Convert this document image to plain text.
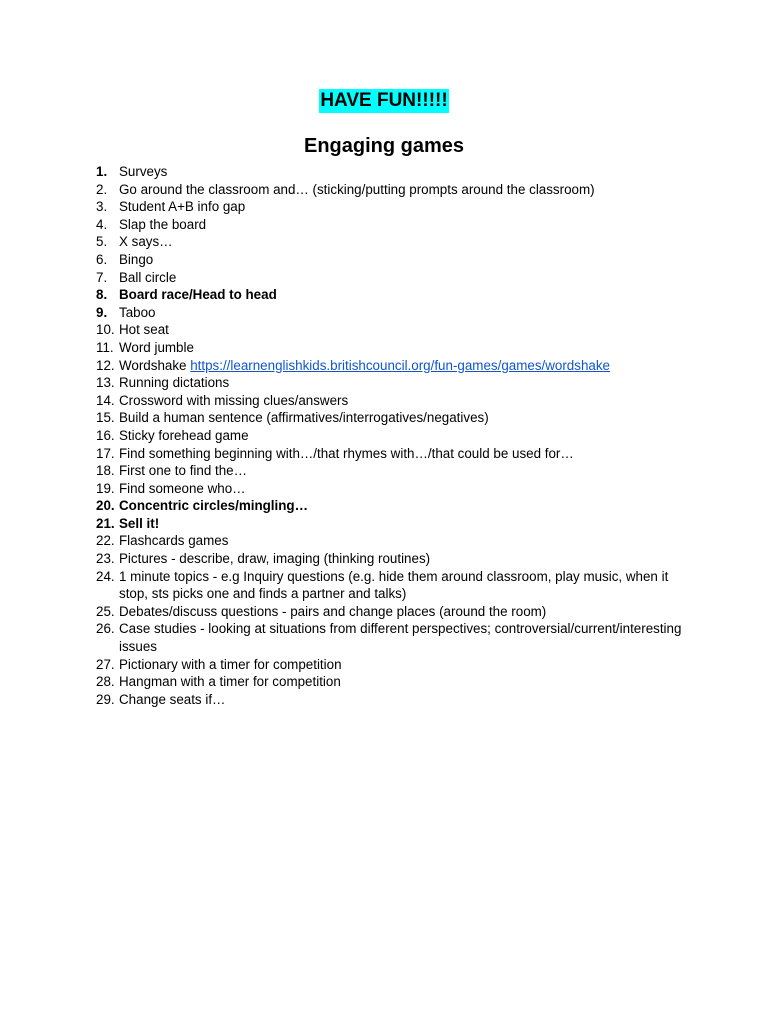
HAVE FUN!!!!!
Engaging games
1. Surveys
2. Go around the classroom and… (sticking/putting prompts around the classroom)
3. Student A+B info gap
4. Slap the board
5. X says…
6. Bingo
7. Ball circle
8. Board race/Head to head
9. Taboo
10. Hot seat
11. Word jumble
12. Wordshake https://learnenglishkids.britishcouncil.org/fun-games/games/wordshake
13. Running dictations
14. Crossword with missing clues/answers
15. Build a human sentence (affirmatives/interrogatives/negatives)
16. Sticky forehead game
17. Find something beginning with…/that rhymes with…/that could be used for…
18. First one to find the…
19. Find someone who…
20. Concentric circles/mingling…
21. Sell it!
22. Flashcards games
23. Pictures - describe, draw, imaging (thinking routines)
24. 1 minute topics - e.g Inquiry questions (e.g. hide them around classroom, play music, when it stop, sts picks one and finds a partner and talks)
25. Debates/discuss questions - pairs and change places (around the room)
26. Case studies - looking at situations from different perspectives; controversial/current/interesting issues
27. Pictionary with a timer for competition
28. Hangman with a timer for competition
29. Change seats if…
